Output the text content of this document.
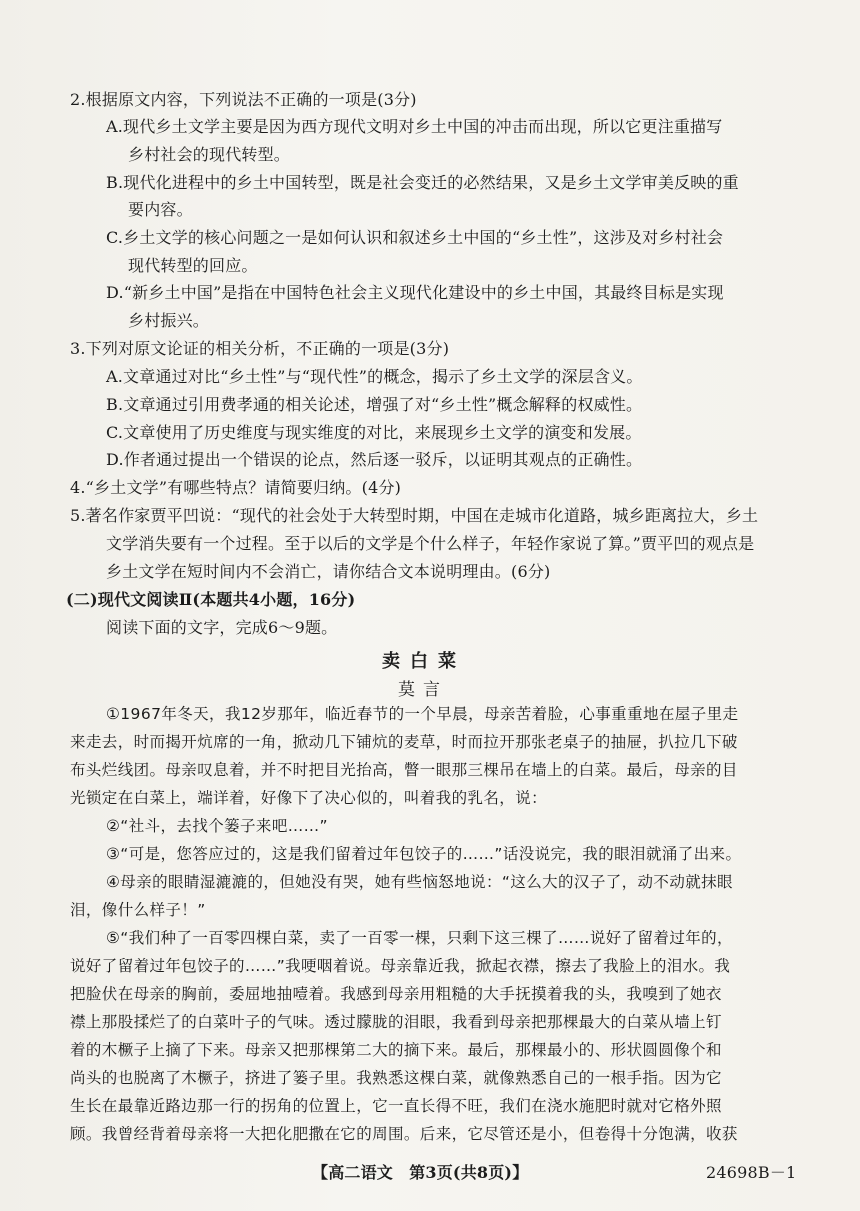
2.根据原文内容，下列说法不正确的一项是(3分)
A.现代乡土文学主要是因为西方现代文明对乡土中国的冲击而出现，所以它更注重描写
乡村社会的现代转型。
B.现代化进程中的乡土中国转型，既是社会变迁的必然结果，又是乡土文学审美反映的重
要内容。
C.乡土文学的核心问题之一是如何认识和叙述乡土中国的“乡土性”，这涉及对乡村社会
现代转型的回应。
D.“新乡土中国”是指在中国特色社会主义现代化建设中的乡土中国，其最终目标是实现
乡村振兴。
3.下列对原文论证的相关分析，不正确的一项是(3分)
A.文章通过对比“乡土性”与“现代性”的概念，揭示了乡土文学的深层含义。
B.文章通过引用费孝通的相关论述，增强了对“乡土性”概念解释的权威性。
C.文章使用了历史维度与现实维度的对比，来展现乡土文学的演变和发展。
D.作者通过提出一个错误的论点，然后逐一驳斥，以证明其观点的正确性。
4.“乡土文学”有哪些特点？请简要归纳。(4分)
5.著名作家贾平凹说：“现代的社会处于大转型时期，中国在走城市化道路，城乡距离拉大，乡土
文学消失要有一个过程。至于以后的文学是个什么样子，年轻作家说了算。”贾平凹的观点是
乡土文学在短时间内不会消亡，请你结合文本说明理由。(6分)
(二)现代文阅读Ⅱ(本题共4小题，16分)
阅读下面的文字，完成6～9题。
卖白菜
莫言
①1967年冬天，我12岁那年，临近春节的一个早晨，母亲苦着脸，心事重重地在屋子里走
来走去，时而揭开炕席的一角，掀动几下铺炕的麦草，时而拉开那张老桌子的抽屉，扒拉几下破
布头烂线团。母亲叹息着，并不时把目光抬高，瞥一眼那三棵吊在墙上的白菜。最后，母亲的目
光锁定在白菜上，端详着，好像下了决心似的，叫着我的乳名，说：
②“社斗，去找个篓子来吧……”
③“可是，您答应过的，这是我们留着过年包饺子的……”话没说完，我的眼泪就涌了出来。
④母亲的眼睛湿漉漉的，但她没有哭，她有些恼怒地说：“这么大的汉子了，动不动就抹眼
泪，像什么样子！”
⑤“我们种了一百零四棵白菜，卖了一百零一棵，只剩下这三棵了……说好了留着过年的，
说好了留着过年包饺子的……”我哽咽着说。母亲靠近我，掀起衣襟，擦去了我脸上的泪水。我
把脸伏在母亲的胸前，委屈地抽噎着。我感到母亲用粗糙的大手抚摸着我的头，我嗅到了她衣
襟上那股揉烂了的白菜叶子的气味。透过朦胧的泪眼，我看到母亲把那棵最大的白菜从墙上钉
着的木橛子上摘了下来。母亲又把那棵第二大的摘下来。最后，那棵最小的、形状圆圆像个和
尚头的也脱离了木橛子，挤进了篓子里。我熟悉这棵白菜，就像熟悉自己的一根手指。因为它
生长在最靠近路边那一行的拐角的位置上，它一直长得不旺，我们在浇水施肥时就对它格外照
顾。我曾经背着母亲将一大把化肥撒在它的周围。后来，它尽管还是小，但卷得十分饱满，收获
【高二语文　第3页(共8页)】	24698B－1
